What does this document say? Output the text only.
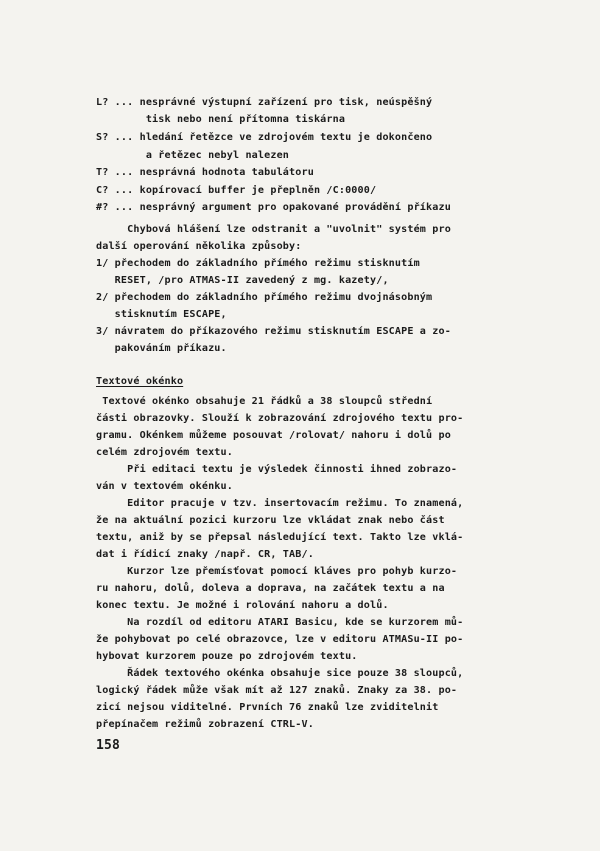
L? ... nesprávné výstupní zařízení pro tisk, neúspěšný
tisk nebo není přítomna tiskárna
S? ... hledání řetězce ve zdrojovém textu je dokončeno
a řetězec nebyl nalezen
T? ... nesprávná hodnota tabulátoru
C? ... kopírovací buffer je přeplněn /C:0000/
#? ... nesprávný argument pro opakované provádění příkazu
Chybová hlášení lze odstranit a "uvolnit" systém pro
další operování několika způsoby:
1/ přechodem do základního přímého režimu stisknutím
RESET, /pro ATMAS-II zavedený z mg. kazety/,
2/ přechodem do základního přímého režimu dvojnásobným
stisknutím ESCAPE,
3/ návratem do příkazového režimu stisknutím ESCAPE a zo-
pakováním příkazu.
Textové okénko
Textové okénko obsahuje 21 řádků a 38 sloupců střední
části obrazovky. Slouží k zobrazování zdrojového textu pro-
gramu. Okénkem můžeme posouvat /rolovat/ nahoru i dolů po
celém zdrojovém textu.
Při editaci textu je výsledek činnosti ihned zobrazo-
ván v textovém okénku.
Editor pracuje v tzv. insertovacím režimu. To znamená,
že na aktuální pozici kurzoru lze vkládat znak nebo část
textu, aniž by se přepsal následující text. Takto lze vklá-
dat i řídicí znaky /např. CR, TAB/.
Kurzor lze přemísťovat pomocí kláves pro pohyb kurzo-
ru nahoru, dolů, doleva a doprava, na začátek textu a na
konec textu. Je možné i rolování nahoru a dolů.
Na rozdíl od editoru ATARI Basicu, kde se kurzorem mů-
že pohybovat po celé obrazovce, lze v editoru ATMASu-II po-
hybovat kurzorem pouze po zdrojovém textu.
Řádek textového okénka obsahuje sice pouze 38 sloupců,
logický řádek může však mít až 127 znaků. Znaky za 38. po-
zicí nejsou viditelné. Prvních 76 znaků lze zviditelnit
přepínačem režimů zobrazení CTRL-V.
158
